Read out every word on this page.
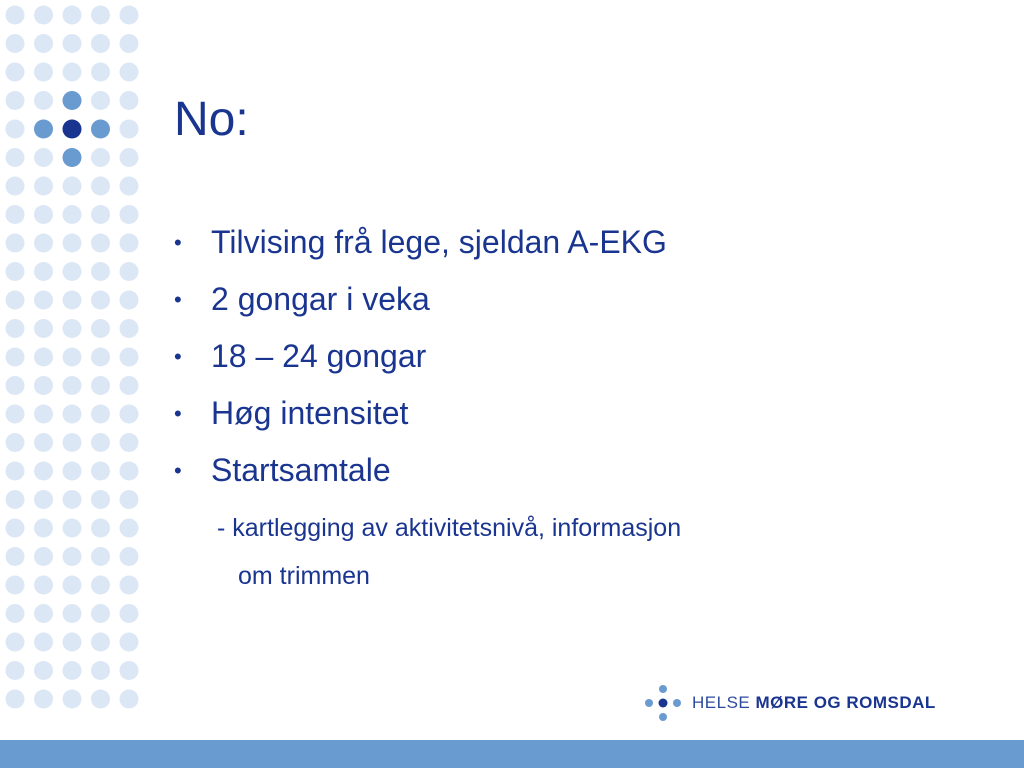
No:
• Tilvising frå lege, sjeldan A-EKG
• 2 gongar i veka
• 18 – 24 gongar
• Høg intensitet
• Startsamtale
- kartlegging av aktivitetsnivå, informasjon
om trimmen
HELSE MØRE OG ROMSDAL
